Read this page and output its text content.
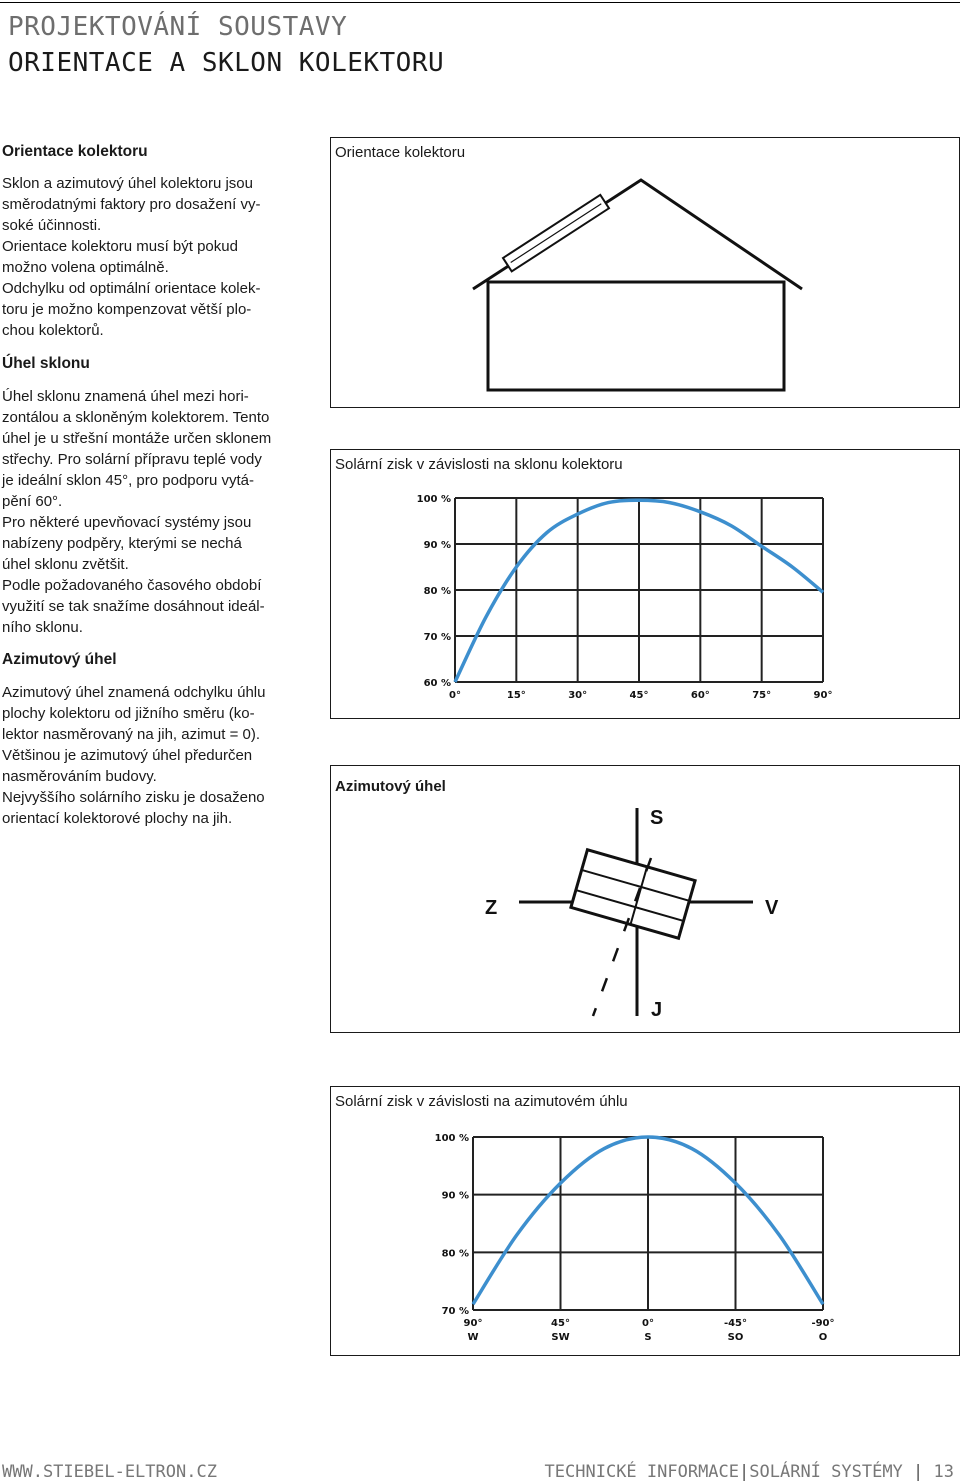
PROJEKTOVÁNÍ SOUSTAVY
ORIENTACE A SKLON KOLEKTORU
Orientace kolektoru

Sklon a azimutový úhel kolektoru jsou

směrodatnými faktory pro dosažení vy-

soké účinnosti.

Orientace kolektoru musí být pokud

možno volena optimálně.

Odchylku od optimální orientace kolek-

toru je možno kompenzovat větší plo-

chou kolektorů.

Úhel sklonu

Úhel sklonu znamená úhel mezi hori-

zontálou a skloněným kolektorem. Tento

úhel je u střešní montáže určen sklonem

střechy. Pro solární přípravu teplé vody

je ideální sklon 45°, pro podporu vytá-

pění 60°.

Pro některé upevňovací systémy jsou

nabízeny podpěry, kterými se nechá

úhel sklonu zvětšit.

Podle požadovaného časového období

využití se tak snažíme dosáhnout ideál-

ního sklonu.

Azimutový úhel

Azimutový úhel znamená odchylku úhlu

plochy kolektoru od jižního směru (ko-

lektor nasměrovaný na jih, azimut = 0).

Většinou je azimutový úhel předurčen

nasměrováním budovy.

Nejvyššího solárního zisku je dosaženo

orientací kolektorové plochy na jih.

Orientace kolektoru
Solární zisk v závislosti na sklonu kolektoru
60 %
70 %
80 %
90 %
100 %
0°	15°	30°	45°	60°	75°	90°
Azimutový úhel
S
J
Z	V
Solární zisk v závislosti na azimutovém úhlu
70 %
80 %
90 %
100 %
90°
W
45°
SW
0°
S
-45°
SO
-90°
O
WWW.STIEBEL-ELTRON.CZ	TECHNICKÉ INFORMACE|SOLÁRNÍ SYSTÉMY | 13
